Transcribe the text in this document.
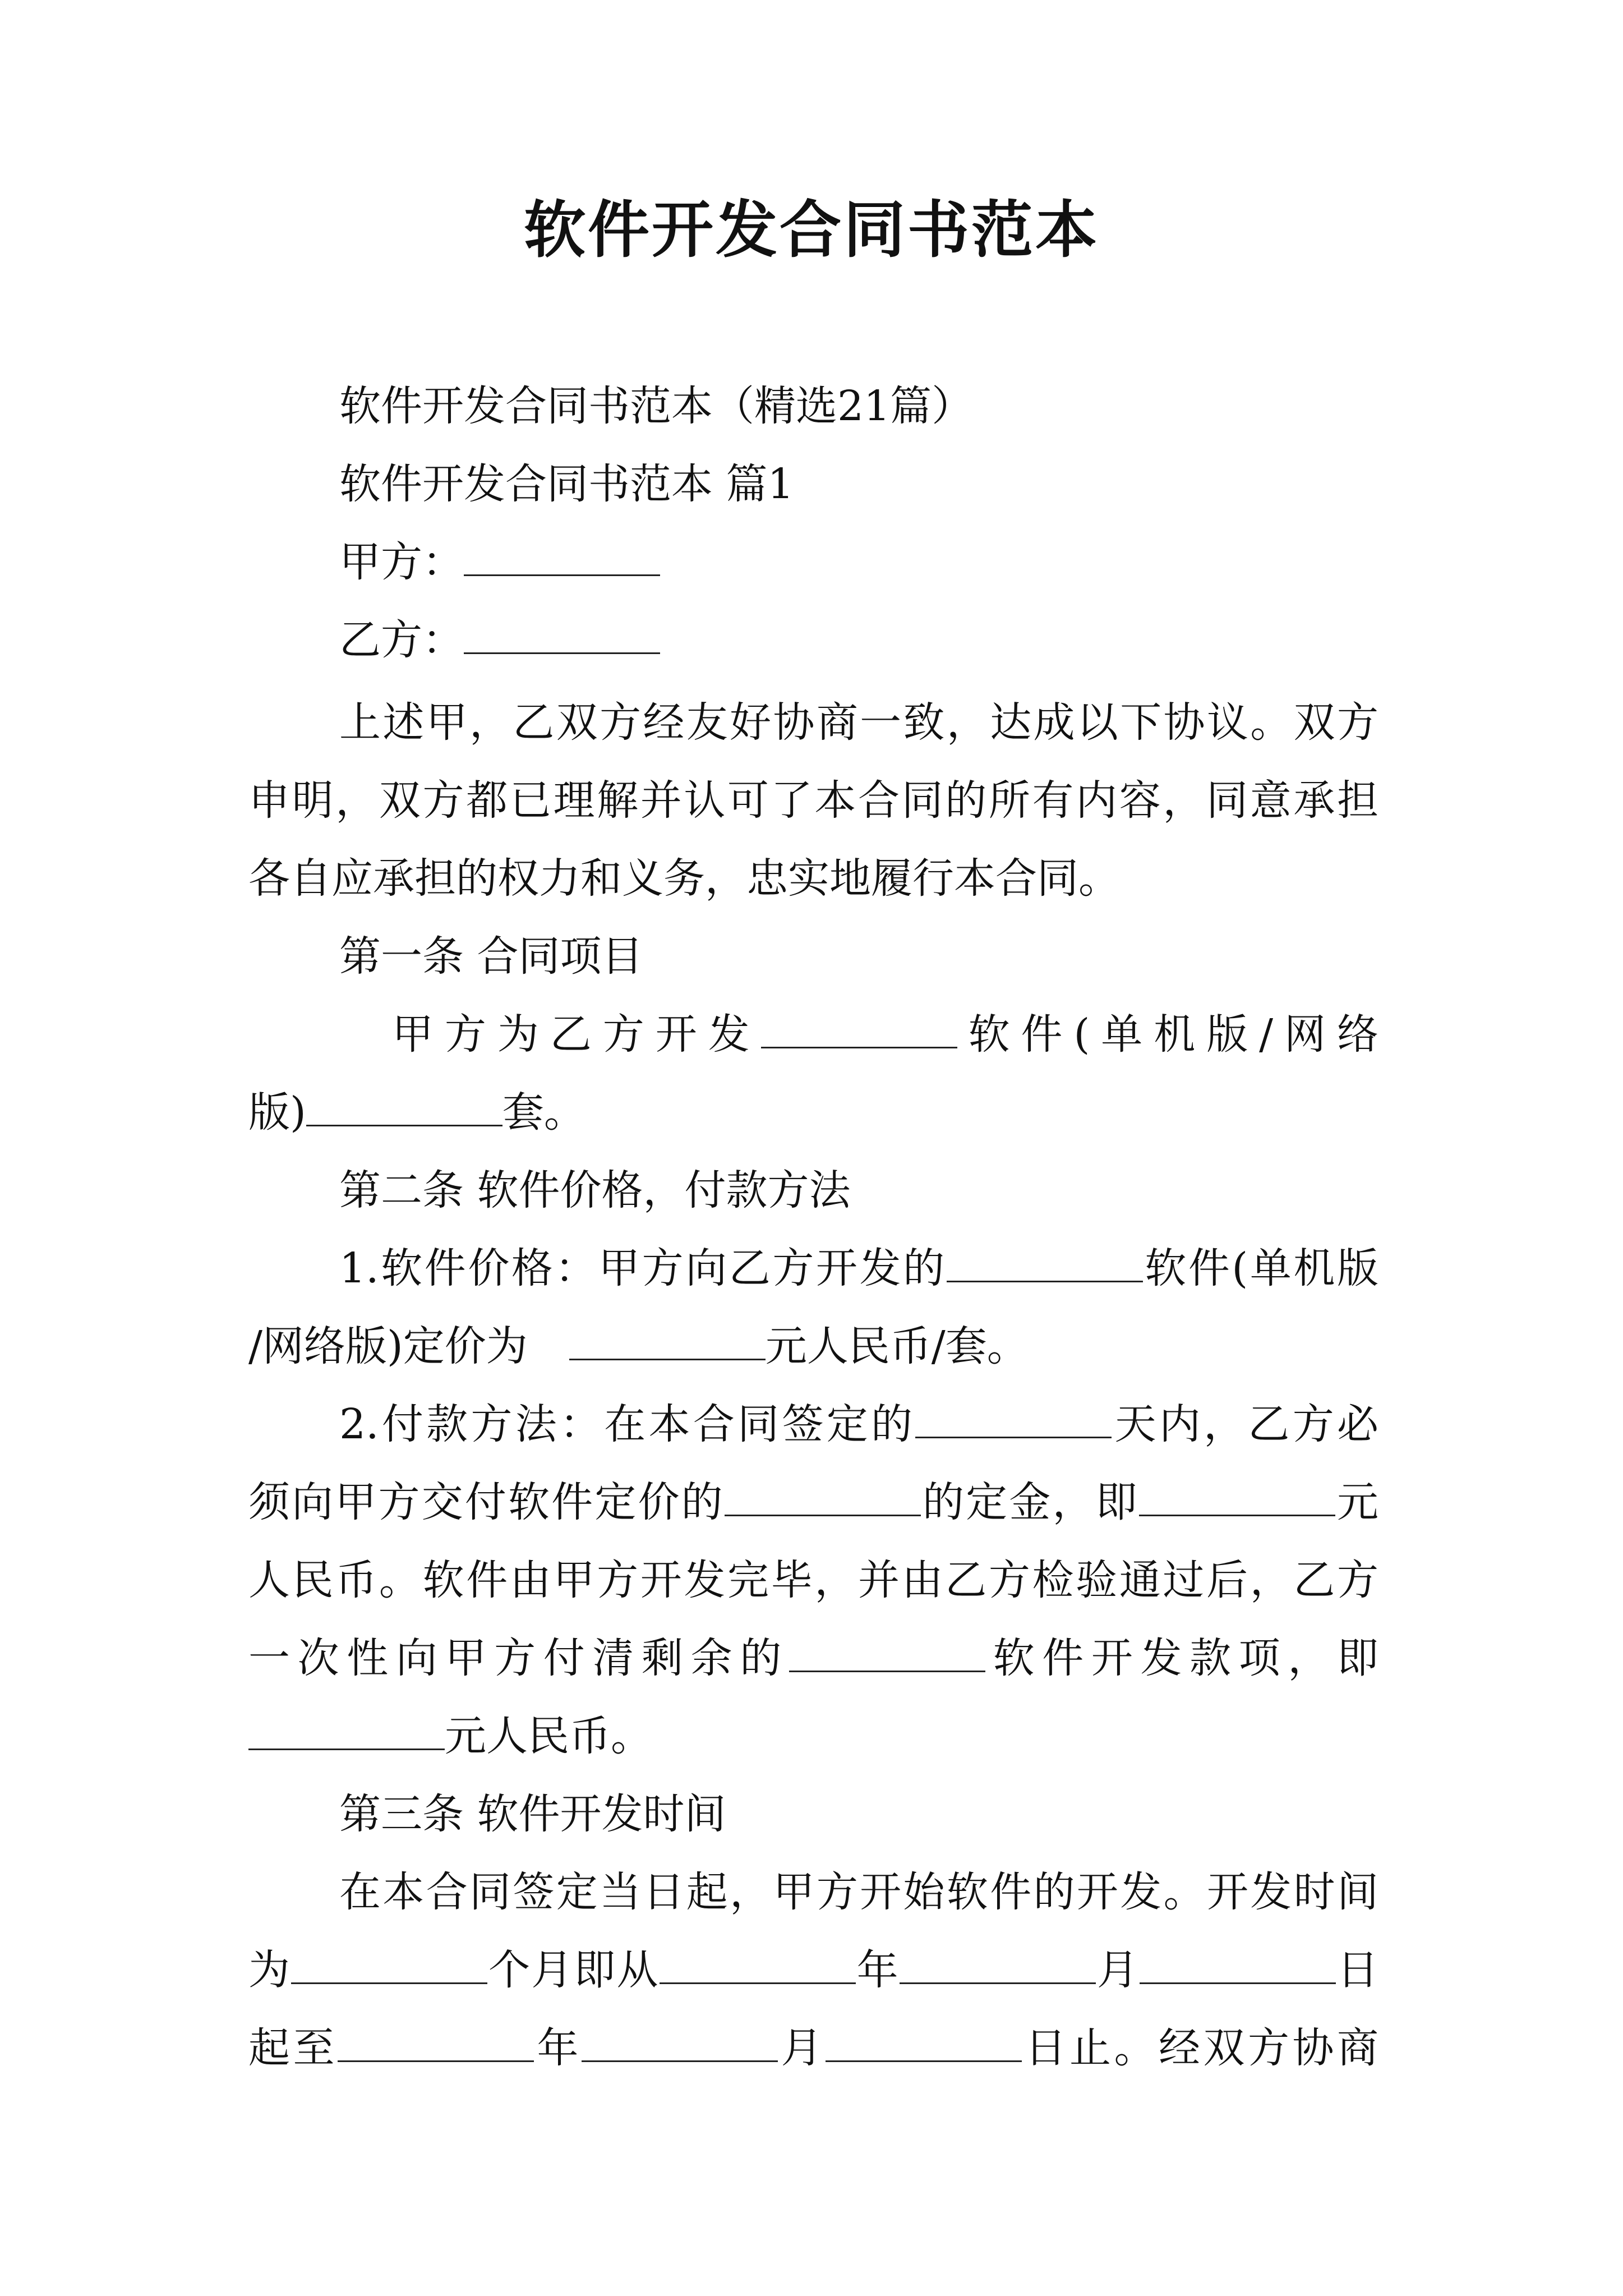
软件开发合同书范本
软件开发合同书范本（精选21篇）
软件开发合同书范本 篇1
甲方：
乙方：
上述甲，乙双方经友好协商一致，达成以下协议。双方
申明，双方都已理解并认可了本合同的所有内容，同意承担
各自应承担的权力和义务，忠实地履行本合同。
第一条 合同项目
甲方为乙方开发	软件(单机版/网络
版)	套。
第二条 软件价格，付款方法
1.软件价格：甲方向乙方开发的	软件(单机版
/网络版)定价为	元人民币/套。
2.付款方法：在本合同签定的	天内，乙方必
须向甲方交付软件定价的	的定金，即	元
人民币。软件由甲方开发完毕，并由乙方检验通过后，乙方
一次性向甲方付清剩余的	软件开发款项，即
元人民币。
第三条 软件开发时间
在本合同签定当日起，甲方开始软件的开发。开发时间
为	个月即从	年	月	日
起至	年	月	日止。经双方协商
